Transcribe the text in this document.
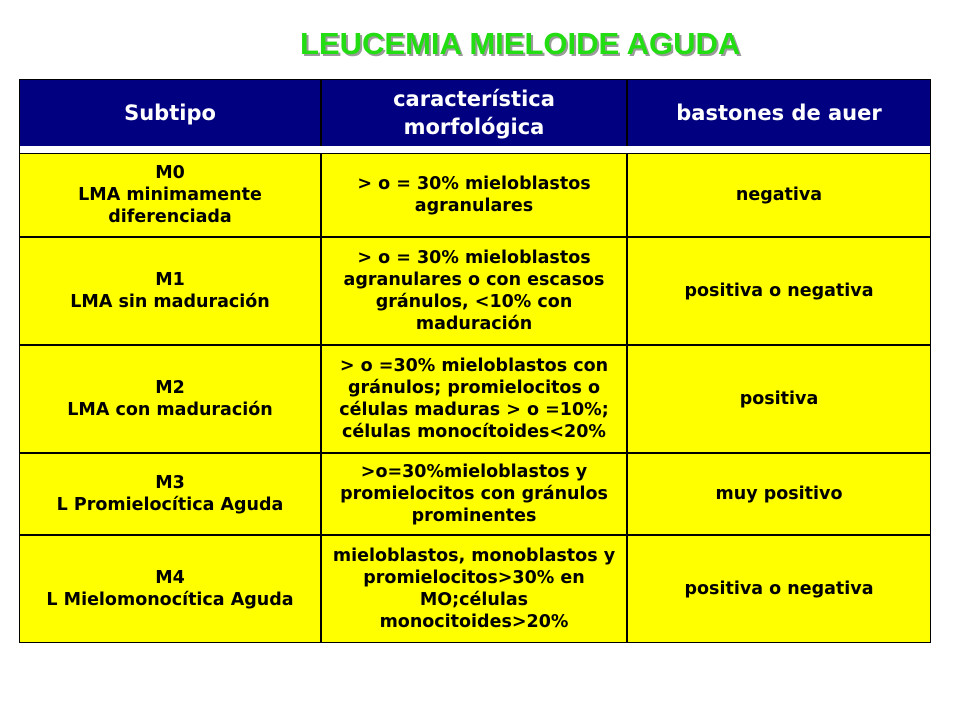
LEUCEMIA MIELOIDE AGUDA
Subtipo
característica
morfológica
bastones de auer
M0
LMA minimamente
diferenciada
> o = 30% mieloblastos
agranulares
negativa
M1
LMA sin maduración
> o = 30% mieloblastos
agranulares o con escasos
gránulos, <10% con
maduración
positiva o negativa
M2
LMA con maduración
> o =30% mieloblastos con
gránulos; promielocitos o
células maduras > o =10%;
células monocítoides<20%
positiva
M3
L Promielocítica Aguda
>o=30%mieloblastos y
promielocitos con gránulos
prominentes
muy positivo
M4
L Mielomonocítica Aguda
mieloblastos, monoblastos y
promielocitos>30% en
MO;células
monocitoides>20%
positiva o negativa
